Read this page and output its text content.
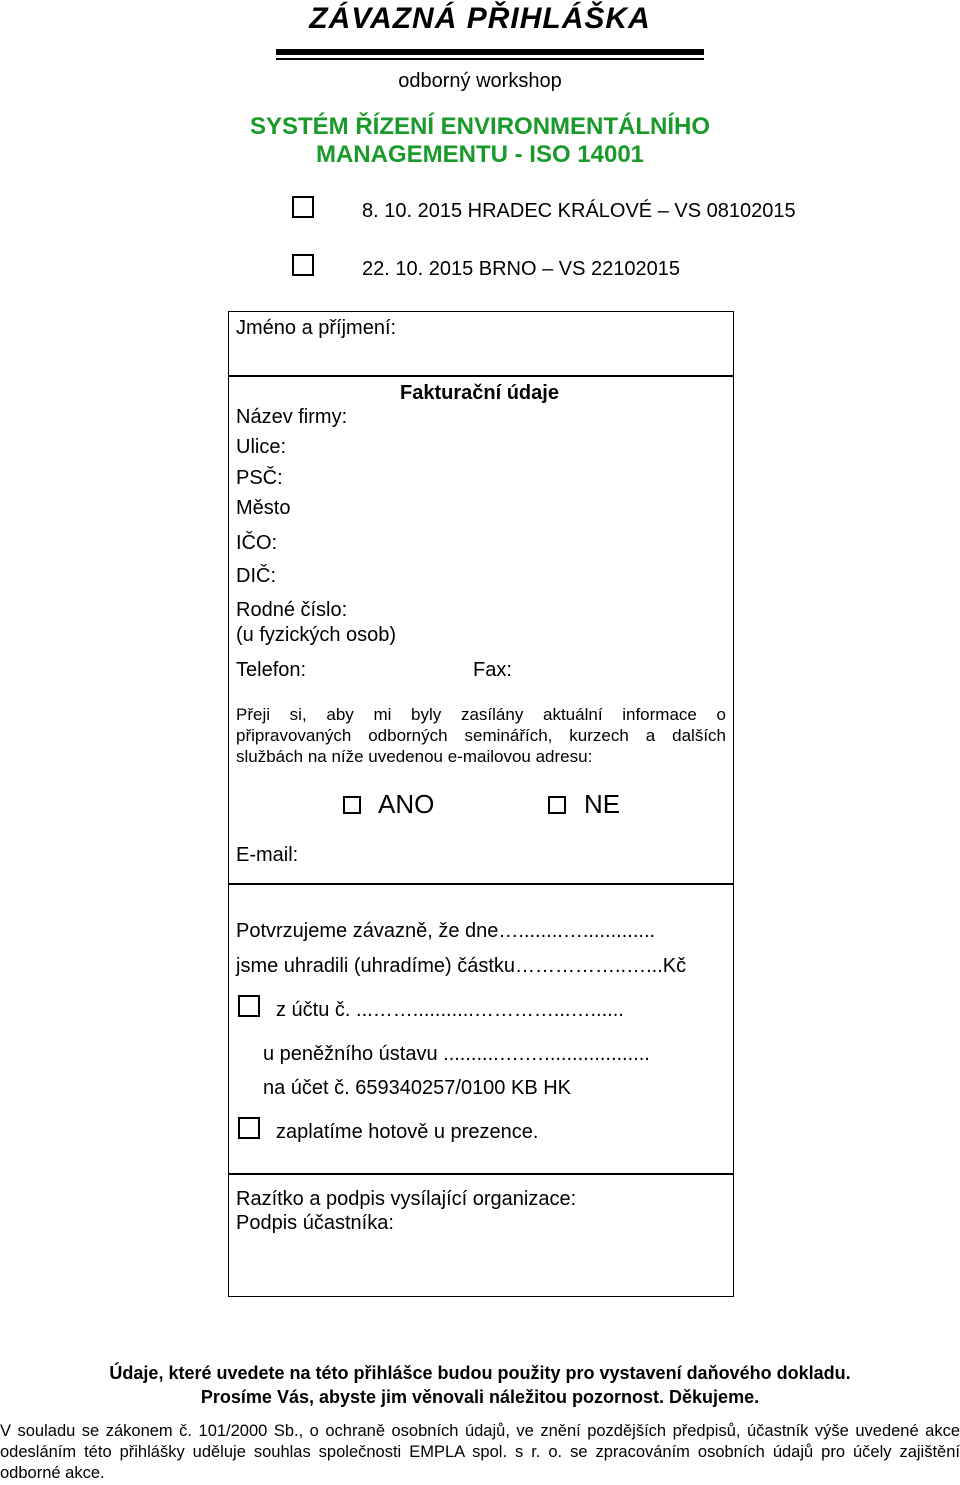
ZÁVAZNÁ PŘIHLÁŠKA
odborný workshop
SYSTÉM ŘÍZENÍ ENVIRONMENTÁLNÍHO
MANAGEMENTU - ISO 14001
8. 10. 2015 HRADEC KRÁLOVÉ – VS 08102015
22. 10. 2015 BRNO – VS 22102015
Jméno a příjmení:
Fakturační údaje
Název firmy:
Ulice:
PSČ:
Město
IČO:
DIČ:
Rodné číslo:
(u fyzických osob)
Telefon:	Fax:
Přeji si, aby mi byly zasílány aktuální informace o připravovaných odborných seminářích, kurzech a dalších službách na níže uvedenou e-mailovou adresu:
ANO	NE
E-mail:
Potvrzujeme závazně, že dne…........….............
jsme uhradili (uhradíme) částku……………..…...Kč
z účtu č. ...……...........…………...…......
u peněžního ústavu ..........….…...................
na účet č. 659340257/0100 KB HK
zaplatíme hotově u prezence.
Razítko a podpis vysílající organizace:
Podpis účastníka:
Údaje, které uvedete na této přihlášce budou použity pro vystavení daňového dokladu.
Prosíme Vás, abyste jim věnovali náležitou pozornost. Děkujeme.
V souladu se zákonem č. 101/2000 Sb., o ochraně osobních údajů, ve znění pozdějších předpisů, účastník výše uvedené akce odesláním této přihlášky uděluje souhlas společnosti EMPLA spol. s r. o. se zpracováním osobních údajů pro účely zajištění odborné akce.
